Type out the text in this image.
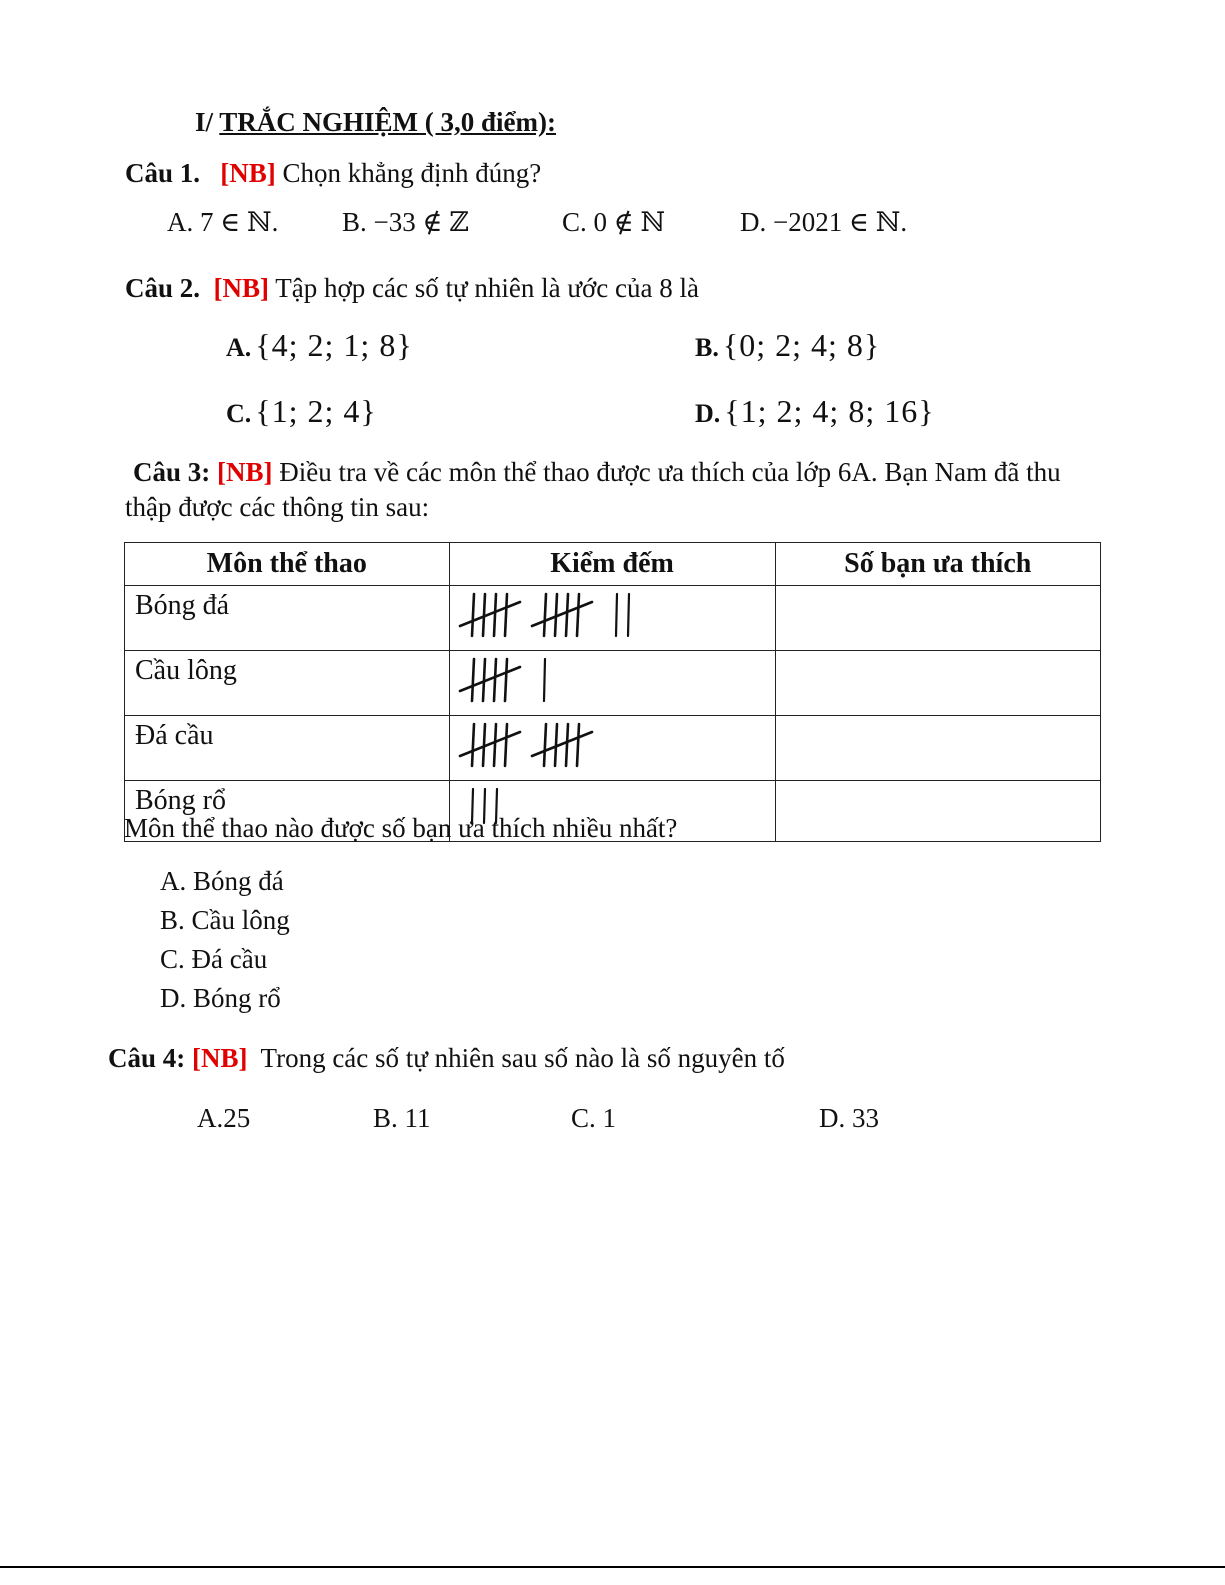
I/ TRẮC NGHIỆM ( 3,0 điểm):
Câu 1. [NB] Chọn khẳng định đúng?
A. 7 ∈ ℕ. B. −33 ∉ ℤ	C. 0 ∉ ℕ	D. −2021 ∈ ℕ.
Câu 2. [NB] Tập hợp các số tự nhiên là ước của 8 là
A. {4; 2; 1; 8}	B. {0; 2; 4; 8}
C. {1; 2; 4}	D. {1; 2; 4; 8; 16}
Câu 3: [NB] Điều tra về các môn thể thao được ưa thích của lớp 6A. Bạn Nam đã thu
thập được các thông tin sau:
Môn thể thao	Kiểm đếm	Số bạn ưa thích
Bóng đá		
Cầu lông		
Đá cầu		
Bóng rổ		
Môn thể thao nào được số bạn ưa thích nhiều nhất?
A. Bóng đá
B. Cầu lông
C. Đá cầu
D. Bóng rổ
Câu 4: [NB] Trong các số tự nhiên sau số nào là số nguyên tố
A.25	B. 11	C. 1	D. 33
